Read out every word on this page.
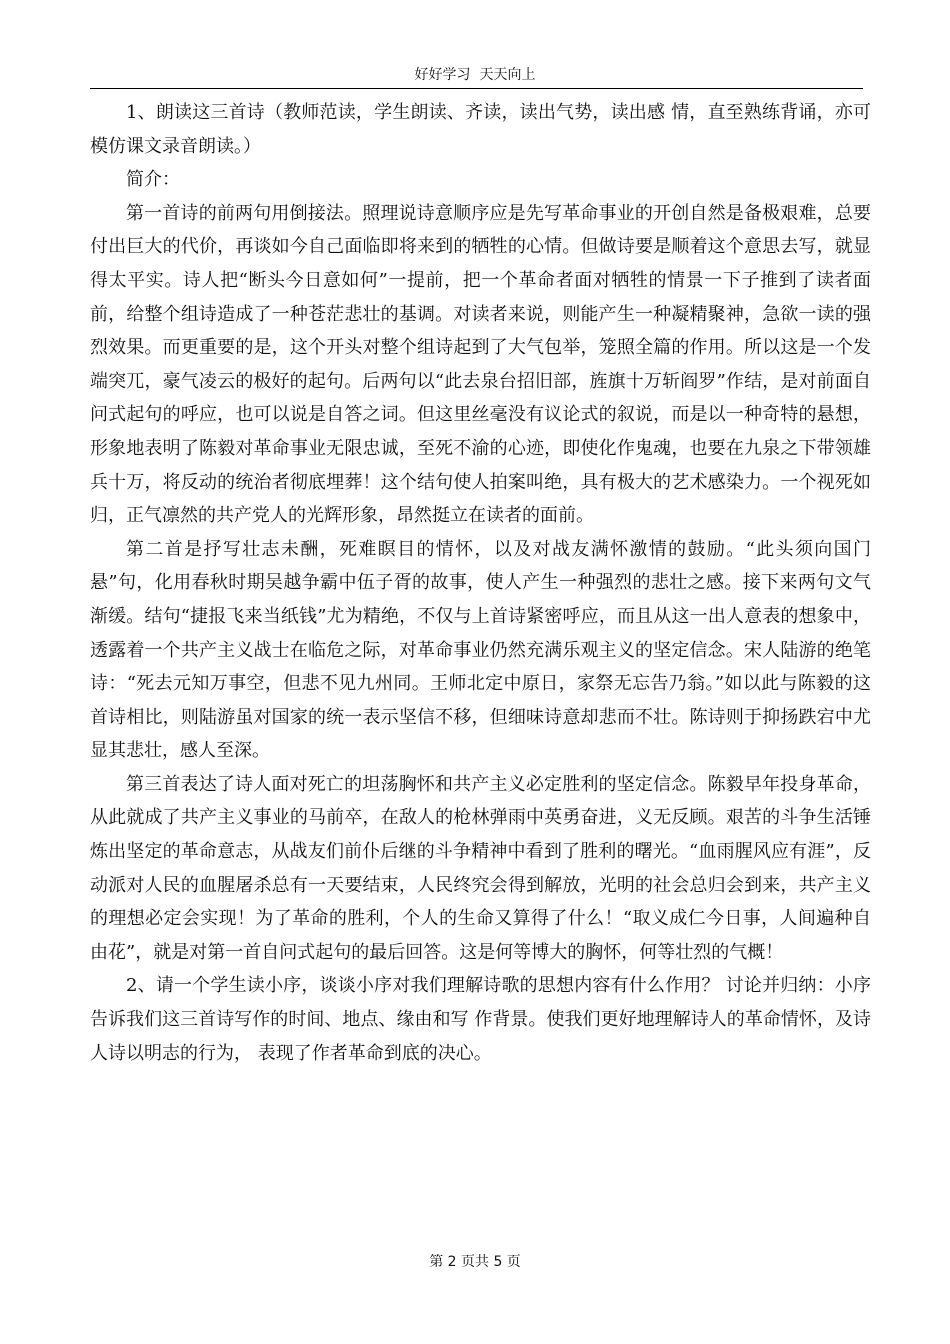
好好学习  天天向上

1、朗读这三首诗（教师范读，学生朗读、齐读，读出气势，读出感 情，直至熟练背诵，亦可模仿课文录音朗读。）

简介：

第一首诗的前两句用倒接法。照理说诗意顺序应是先写革命事业的开创自然是备极艰难，总要付出巨大的代价，再谈如今自己面临即将来到的牺牲的心情。但做诗要是顺着这个意思去写，就显得太平实。诗人把“断头今日意如何”一提前，把一个革命者面对牺牲的情景一下子推到了读者面前，给整个组诗造成了一种苍茫悲壮的基调。对读者来说，则能产生一种凝精聚神，急欲一读的强烈效果。而更重要的是，这个开头对整个组诗起到了大气包举，笼照全篇的作用。所以这是一个发端突兀，豪气凌云的极好的起句。后两句以“此去泉台招旧部，旌旗十万斩阎罗”作结，是对前面自问式起句的呼应，也可以说是自答之词。但这里丝毫没有议论式的叙说，而是以一种奇特的悬想，形象地表明了陈毅对革命事业无限忠诚，至死不渝的心迹，即使化作鬼魂，也要在九泉之下带领雄兵十万，将反动的统治者彻底埋葬！这个结句使人拍案叫绝，具有极大的艺术感染力。一个视死如归，正气凛然的共产党人的光辉形象，昂然挺立在读者的面前。

第二首是抒写壮志未酬，死难瞑目的情怀，以及对战友满怀激情的鼓励。“此头须向国门悬”句，化用春秋时期吴越争霸中伍子胥的故事，使人产生一种强烈的悲壮之感。接下来两句文气渐缓。结句“捷报飞来当纸钱”尤为精绝，不仅与上首诗紧密呼应，而且从这一出人意表的想象中，透露着一个共产主义战士在临危之际，对革命事业仍然充满乐观主义的坚定信念。宋人陆游的绝笔诗：“死去元知万事空，但悲不见九州同。王师北定中原日，家祭无忘告乃翁。”如以此与陈毅的这首诗相比，则陆游虽对国家的统一表示坚信不移，但细味诗意却悲而不壮。陈诗则于抑扬跌宕中尤显其悲壮，感人至深。

第三首表达了诗人面对死亡的坦荡胸怀和共产主义必定胜利的坚定信念。陈毅早年投身革命，从此就成了共产主义事业的马前卒，在敌人的枪林弹雨中英勇奋进，义无反顾。艰苦的斗争生活锤炼出坚定的革命意志，从战友们前仆后继的斗争精神中看到了胜利的曙光。“血雨腥风应有涯”，反动派对人民的血腥屠杀总有一天要结束，人民终究会得到解放，光明的社会总归会到来，共产主义的理想必定会实现！为了革命的胜利，个人的生命又算得了什么！“取义成仁今日事，人间遍种自由花”，就是对第一首自问式起句的最后回答。这是何等博大的胸怀，何等壮烈的气概！

2、请一个学生读小序，谈谈小序对我们理解诗歌的思想内容有什么作用？ 讨论并归纳：小序告诉我们这三首诗写作的时间、地点、缘由和写 作背景。使我们更好地理解诗人的革命情怀，及诗人诗以明志的行为， 表现了作者革命到底的决心。

第 2 页共 5 页
